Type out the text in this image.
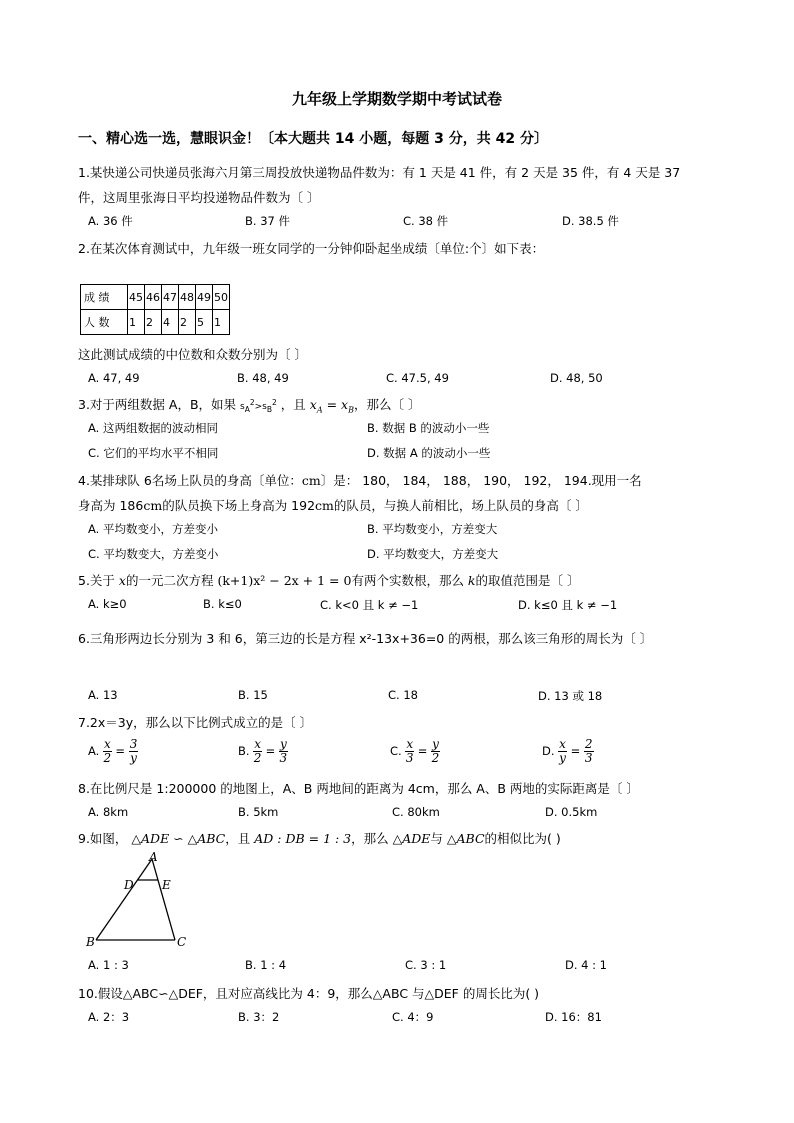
九年级上学期数学期中考试试卷
一、精心选一选，慧眼识金！〔本大题共 14 小题，每题 3 分，共 42 分〕
1.某快递公司快递员张海六月第三周投放快递物品件数为：有 1 天是 41 件，有 2 天是 35 件，有 4 天是 37
件，这周里张海日平均投递物品件数为〔 〕
A. 36 件	B. 37 件	C. 38 件	D. 38.5 件
2.在某次体育测试中，九年级一班女同学的一分钟仰卧起坐成绩〔单位:个〕如下表：
成 绩	45	46	47	48	49	50
人 数	1	2	4	2	5	1
这此测试成绩的中位数和众数分别为〔 〕
A. 47, 49	B. 48, 49	C. 47.5, 49	D. 48, 50
3.对于两组数据 A，B，如果 $s_A^2>s_B^2$ ，且 $x_A = x_B$，那么〔 〕
A. 这两组数据的波动相同	B. 数据 B 的波动小一些
C. 它们的平均水平不相同	D. 数据 A 的波动小一些
4.某排球队 6名场上队员的身高〔单位：cm〕是： 180， 184， 188， 190， 192， 194.现用一名
身高为 186cm的队员换下场上身高为 192cm的队员，与换人前相比，场上队员的身高〔 〕
A. 平均数变小，方差变小	B. 平均数变小，方差变大
C. 平均数变大，方差变小	D. 平均数变大，方差变大
5.关于 x的一元二次方程 (k+1)x² − 2x + 1 = 0有两个实数根，那么 k的取值范围是〔 〕
A. k≥0	B. k≤0	C. k<0 且 k ≠ −1	D. k≤0 且 k ≠ −1
6.三角形两边长分别为 3 和 6，第三边的长是方程 x²-13x+36=0 的两根，那么该三角形的周长为〔 〕
A. 13	B. 15	C. 18	D. 13 或 18
7.2x＝3y，那么以下比例式成立的是〔 〕
A. $\frac{x}{2} = \frac{3}{y}$	B. $\frac{x}{2} = \frac{y}{3}$	C. $\frac{x}{3} = \frac{y}{2}$	D. $\frac{x}{y} = \frac{2}{3}$
8.在比例尺是 1:200000 的地图上，A、B 两地间的距离为 4cm，那么 A、B 两地的实际距离是〔 〕
A. 8km	B. 5km	C. 80km	D. 0.5km
9.如图， △ADE ∽ △ABC，且 AD : DB = 1 : 3，那么 △ADE与 △ABC的相似比为( )
A
D E
B	C
A. 1 : 3	B. 1 : 4	C. 3 : 1	D. 4 : 1
10.假设△ABC∽△DEF，且对应高线比为 4：9，那么△ABC 与△DEF 的周长比为( )
A. 2：3	B. 3：2	C. 4：9	D. 16：81
